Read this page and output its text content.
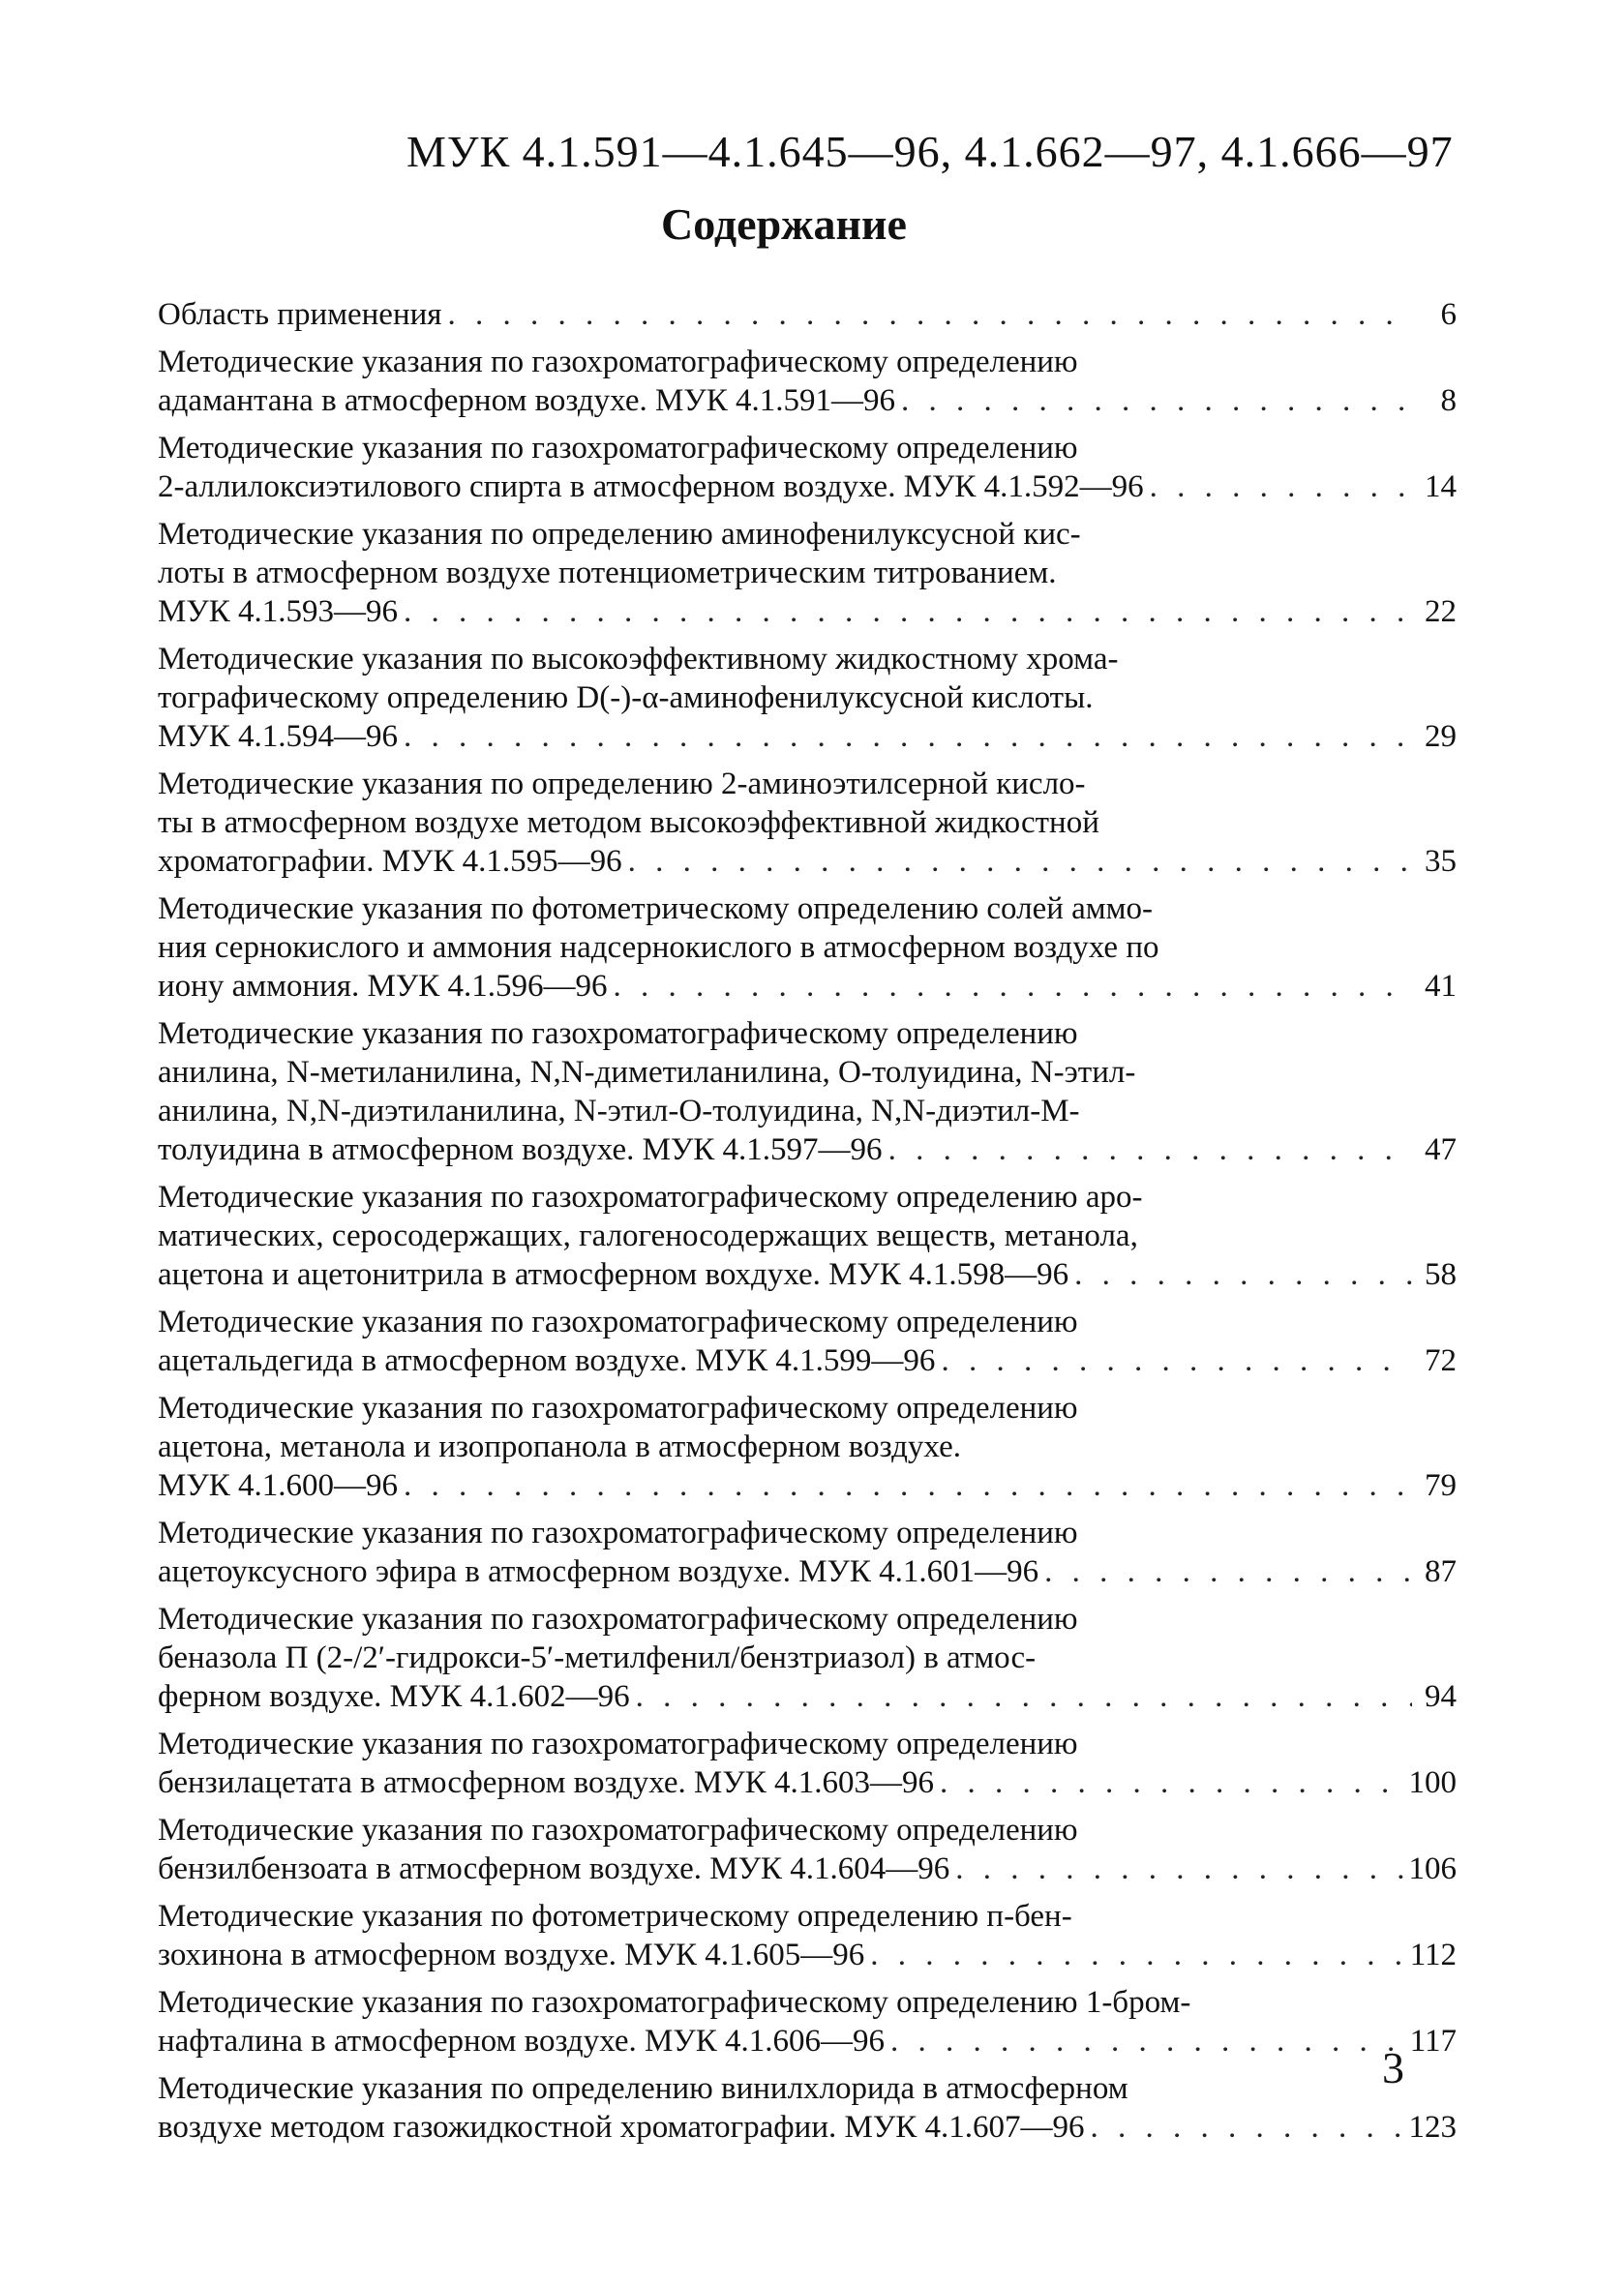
МУК 4.1.591—4.1.645—96, 4.1.662—97, 4.1.666—97
Содержание
Область применения . . .	6
Методические указания по газохроматографическому определению
адамантана в атмосферном воздухе. МУК 4.1.591—96 . . .	8
Методические указания по газохроматографическому определению
2-аллилоксиэтилового спирта в атмосферном воздухе. МУК 4.1.592—96 . . .	14
Методические указания по определению аминофенилуксусной кис-
лоты в атмосферном воздухе потенциометрическим титрованием.
МУК 4.1.593—96 . . .	22
Методические указания по высокоэффективному жидкостному хрома-
тографическому определению D(-)-α-аминофенилуксусной кислоты.
МУК 4.1.594—96 . . .	29
Методические указания по определению 2-аминоэтилсерной кисло-
ты в атмосферном воздухе методом высокоэффективной жидкостной
хроматографии. МУК 4.1.595—96 . . .	35
Методические указания по фотометрическому определению солей аммо-
ния сернокислого и аммония надсернокислого в атмосферном воздухе по
иону аммония. МУК 4.1.596—96 . . .	41
Методические указания по газохроматографическому определению
анилина, N-метиланилина, N,N-диметиланилина, О-толуидина, N-этил-
анилина, N,N-диэтиланилина, N-этил-О-толуидина, N,N-диэтил-М-
толуидина в атмосферном воздухе. МУК 4.1.597—96 . . .	47
Методические указания по газохроматографическому определению аро-
матических, серосодержащих, галогеносодержащих веществ, метанола,
ацетона и ацетонитрила в атмосферном вохдухе. МУК 4.1.598—96 . . .	58
Методические указания по газохроматографическому определению
ацетальдегида в атмосферном воздухе. МУК 4.1.599—96 . . .	72
Методические указания по газохроматографическому определению
ацетона, метанола и изопропанола в атмосферном воздухе.
МУК 4.1.600—96 . . .	79
Методические указания по газохроматографическому определению
ацетоуксусного эфира в атмосферном воздухе. МУК 4.1.601—96 . . .	87
Методические указания по газохроматографическому определению
беназола П (2-/2′-гидрокси-5′-метилфенил/бензтриазол) в атмос-
ферном воздухе. МУК 4.1.602—96 . . .	94
Методические указания по газохроматографическому определению
бензилацетата в атмосферном воздухе. МУК 4.1.603—96 . . .	100
Методические указания по газохроматографическому определению
бензилбензоата в атмосферном воздухе. МУК 4.1.604—96 . . .	106
Методические указания по фотометрическому определению п-бен-
зохинона в атмосферном воздухе. МУК 4.1.605—96 . . .	112
Методические указания по газохроматографическому определению 1-бром-
нафталина в атмосферном воздухе. МУК 4.1.606—96 . . .	117
Методические указания по определению винилхлорида в атмосферном
воздухе методом газожидкостной хроматографии. МУК 4.1.607—96 . . .	123
3
